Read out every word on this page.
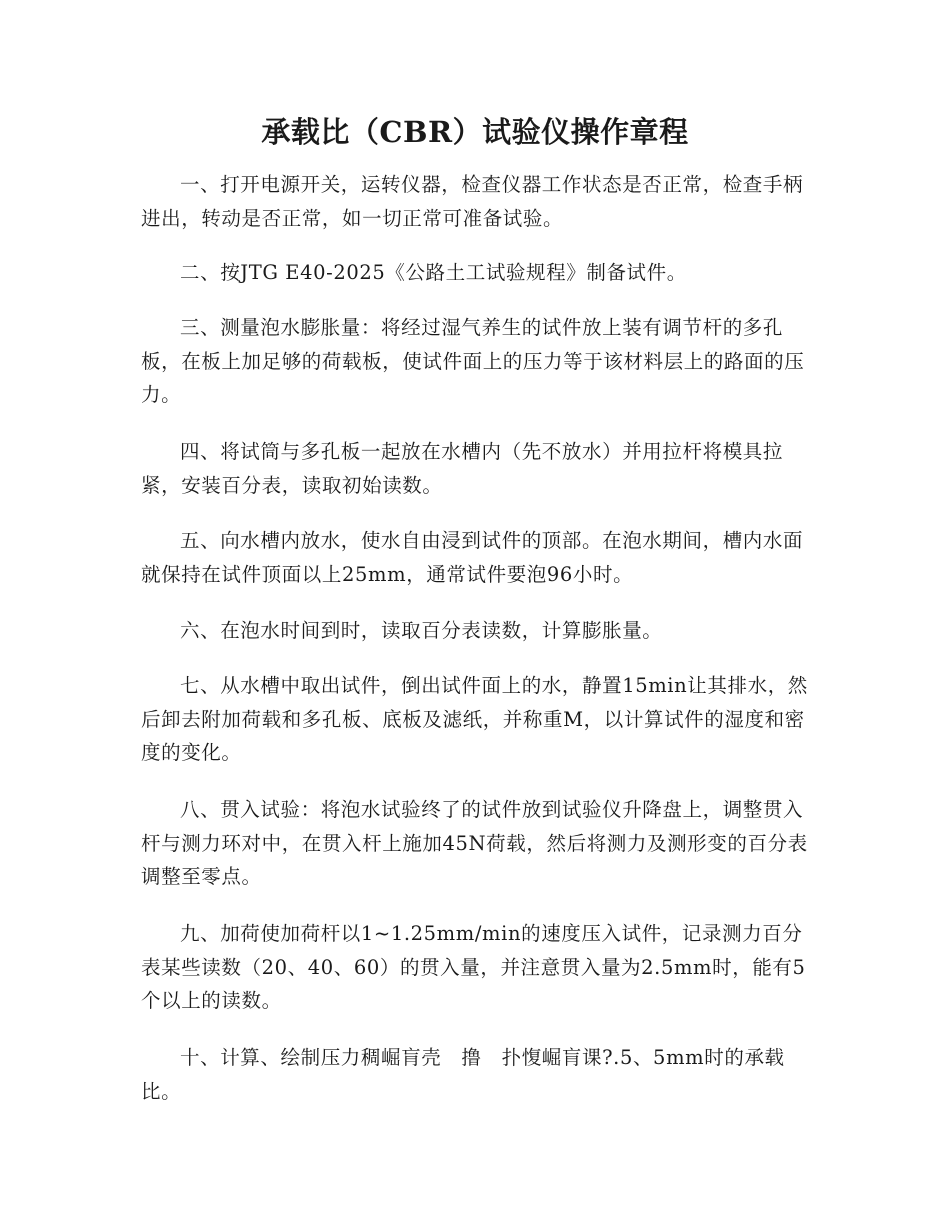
承载比（CBR）试验仪操作章程

一、打开电源开关，运转仪器，检查仪器工作状态是否正常，检查手柄进出，转动是否正常，如一切正常可准备试验。

二、按JTG E40-2025《公路土工试验规程》制备试件。

三、测量泡水膨胀量：将经过湿气养生的试件放上装有调节杆的多孔板，在板上加足够的荷载板，使试件面上的压力等于该材料层上的路面的压力。

四、将试筒与多孔板一起放在水槽内（先不放水）并用拉杆将模具拉紧，安装百分表，读取初始读数。

五、向水槽内放水，使水自由浸到试件的顶部。在泡水期间，槽内水面就保持在试件顶面以上25mm，通常试件要泡96小时。

六、在泡水时间到时，读取百分表读数，计算膨胀量。

七、从水槽中取出试件，倒出试件面上的水，静置15min让其排水，然后卸去附加荷载和多孔板、底板及滤纸，并称重M，以计算试件的湿度和密度的变化。

八、贯入试验：将泡水试验终了的试件放到试验仪升降盘上，调整贯入杆与测力环对中，在贯入杆上施加45N荷载，然后将测力及测形变的百分表调整至零点。

九、加荷使加荷杆以1~1.25mm/min的速度压入试件，记录测力百分表某些读数（20、40、60）的贯入量，并注意贯入量为2.5mm时，能有5个以上的读数。

十、计算、绘制压力稠崛肓壳　撸　扑愎崛肓课?.5、5mm时的承载比。
